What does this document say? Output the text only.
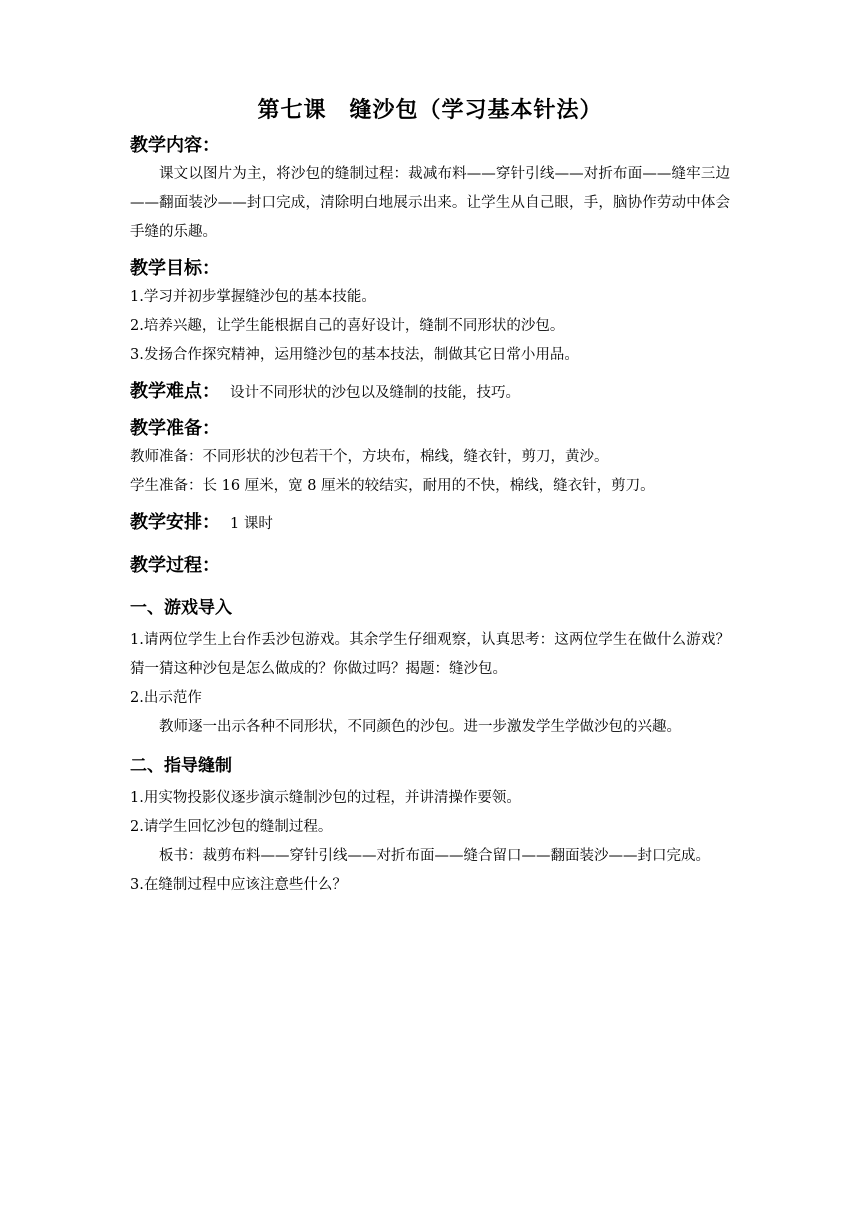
第七课　缝沙包（学习基本针法）
教学内容：

课文以图片为主，将沙包的缝制过程：裁减布料——穿针引线——对折布面——缝牢三边——翻面装沙——封口完成，清除明白地展示出来。让学生从自己眼，手，脑协作劳动中体会手缝的乐趣。

教学目标：
1.学习并初步掌握缝沙包的基本技能。
2.培养兴趣，让学生能根据自己的喜好设计，缝制不同形状的沙包。
3.发扬合作探究精神，运用缝沙包的基本技法，制做其它日常小用品。
教学难点： 设计不同形状的沙包以及缝制的技能，技巧。
教学准备：

教师准备：不同形状的沙包若干个，方块布，棉线，缝衣针，剪刀，黄沙。

学生准备：长 16 厘米，宽 8 厘米的较结实，耐用的不快，棉线，缝衣针，剪刀。

教学安排： 1 课时
教学过程：
一、游戏导入

1.请两位学生上台作丢沙包游戏。其余学生仔细观察，认真思考：这两位学生在做什么游戏？猜一猜这种沙包是怎么做成的？你做过吗？揭题：缝沙包。

2.出示范作

教师逐一出示各种不同形状，不同颜色的沙包。进一步激发学生学做沙包的兴趣。

二、指导缝制

1.用实物投影仪逐步演示缝制沙包的过程，并讲清操作要领。

2.请学生回忆沙包的缝制过程。

板书：裁剪布料——穿针引线——对折布面——缝合留口——翻面装沙——封口完成。

3.在缝制过程中应该注意些什么？
